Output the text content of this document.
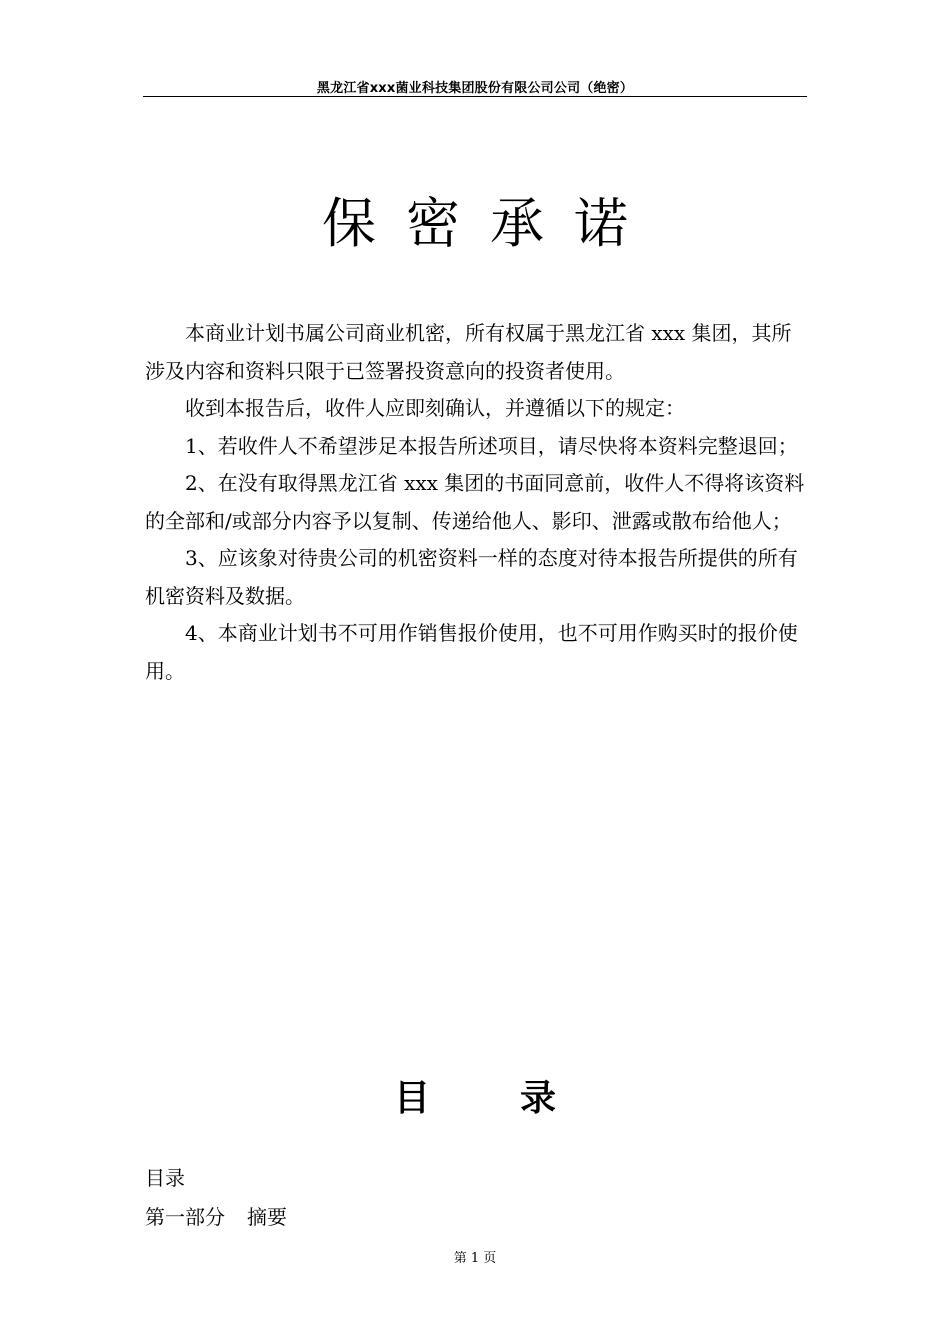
黑龙江省xxx菌业科技集团股份有限公司公司（绝密）
保密承诺

本商业计划书属公司商业机密，所有权属于黑龙江省 xxx 集团，其所涉及内容和资料只限于已签署投资意向的投资者使用。

收到本报告后，收件人应即刻确认，并遵循以下的规定：

1、若收件人不希望涉足本报告所述项目，请尽快将本资料完整退回；

2、在没有取得黑龙江省 xxx 集团的书面同意前，收件人不得将该资料的全部和/或部分内容予以复制、传递给他人、影印、泄露或散布给他人；

3、应该象对待贵公司的机密资料一样的态度对待本报告所提供的所有机密资料及数据。

4、本商业计划书不可用作销售报价使用，也不可用作购买时的报价使用。

目	录
目录
第一部分 摘要
第 1 页
